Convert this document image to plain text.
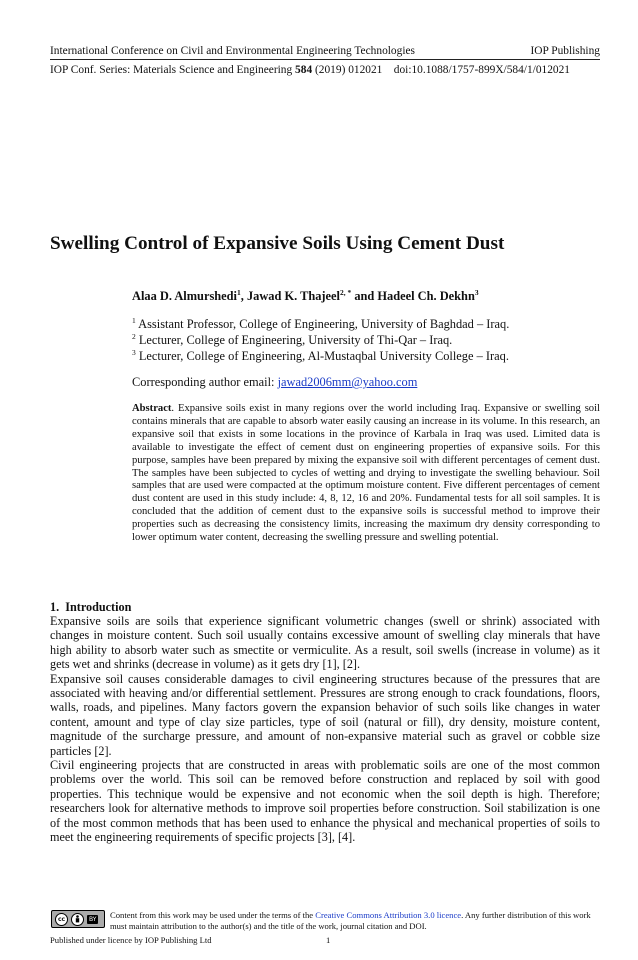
International Conference on Civil and Environmental Engineering Technologies	IOP Publishing
IOP Conf. Series: Materials Science and Engineering 584 (2019) 012021    doi:10.1088/1757-899X/584/1/012021
Swelling Control of Expansive Soils Using Cement Dust
Alaa D. Almurshedi$^1$, Jawad K. Thajeel$^{2, *}$ and Hadeel Ch. Dekhn$^3$
$^1$ Assistant Professor, College of Engineering, University of Baghdad – Iraq.
$^2$ Lecturer, College of Engineering, University of Thi-Qar – Iraq.
$^3$ Lecturer, College of Engineering, Al-Mustaqbal University College – Iraq.
Corresponding author email: jawad2006mm@yahoo.com
Abstract. Expansive soils exist in many regions over the world including Iraq. Expansive or swelling soil contains minerals that are capable to absorb water easily causing an increase in its volume. In this research, an expansive soil that exists in some locations in the province of Karbala in Iraq was used. Limited data is available to investigate the effect of cement dust on engineering properties of expansive soils. For this purpose, samples have been prepared by mixing the expansive soil with different percentages of cement dust. The samples have been subjected to cycles of wetting and drying to investigate the swelling behaviour. Soil samples that are used were compacted at the optimum moisture content. Five different percentages of cement dust content are used in this study include: 4, 8, 12, 16 and 20%. Fundamental tests for all soil samples. It is concluded that the addition of cement dust to the expansive soils is successful method to improve their properties such as decreasing the consistency limits, increasing the maximum dry density corresponding to lower optimum water content, decreasing the swelling pressure and swelling potential.
1.  Introduction

Expansive soils are soils that experience significant volumetric changes (swell or shrink) associated with changes in moisture content. Such soil usually contains excessive amount of swelling clay minerals that have high ability to absorb water such as smectite or vermiculite. As a result, soil swells (increase in volume) as it gets wet and shrinks (decrease in volume) as it gets dry [1], [2].

Expansive soil causes considerable damages to civil engineering structures because of the pressures that are associated with heaving and/or differential settlement. Pressures are strong enough to crack foundations, floors, walls, roads, and pipelines. Many factors govern the expansion behavior of such soils like changes in water content, amount and type of clay size particles, type of soil (natural or fill), dry density, moisture content, magnitude of the surcharge pressure, and amount of non-expansive material such as gravel or cobble size particles [2].

Civil engineering projects that are constructed in areas with problematic soils are one of the most common problems over the world. This soil can be removed before construction and replaced by soil with good properties. This technique would be expensive and not economic when the soil depth is high. Therefore; researchers look for alternative methods to improve soil properties before construction. Soil stabilization is one of the most common methods that has been used to enhance the physical and mechanical properties of soils to meet the engineering requirements of specific projects [3], [4].

cc	BY Content from this work may be used under the terms of the Creative Commons Attribution 3.0 licence. Any further distribution of this work must maintain attribution to the author(s) and the title of the work, journal citation and DOI.
Published under licence by IOP Publishing Ltd	1
